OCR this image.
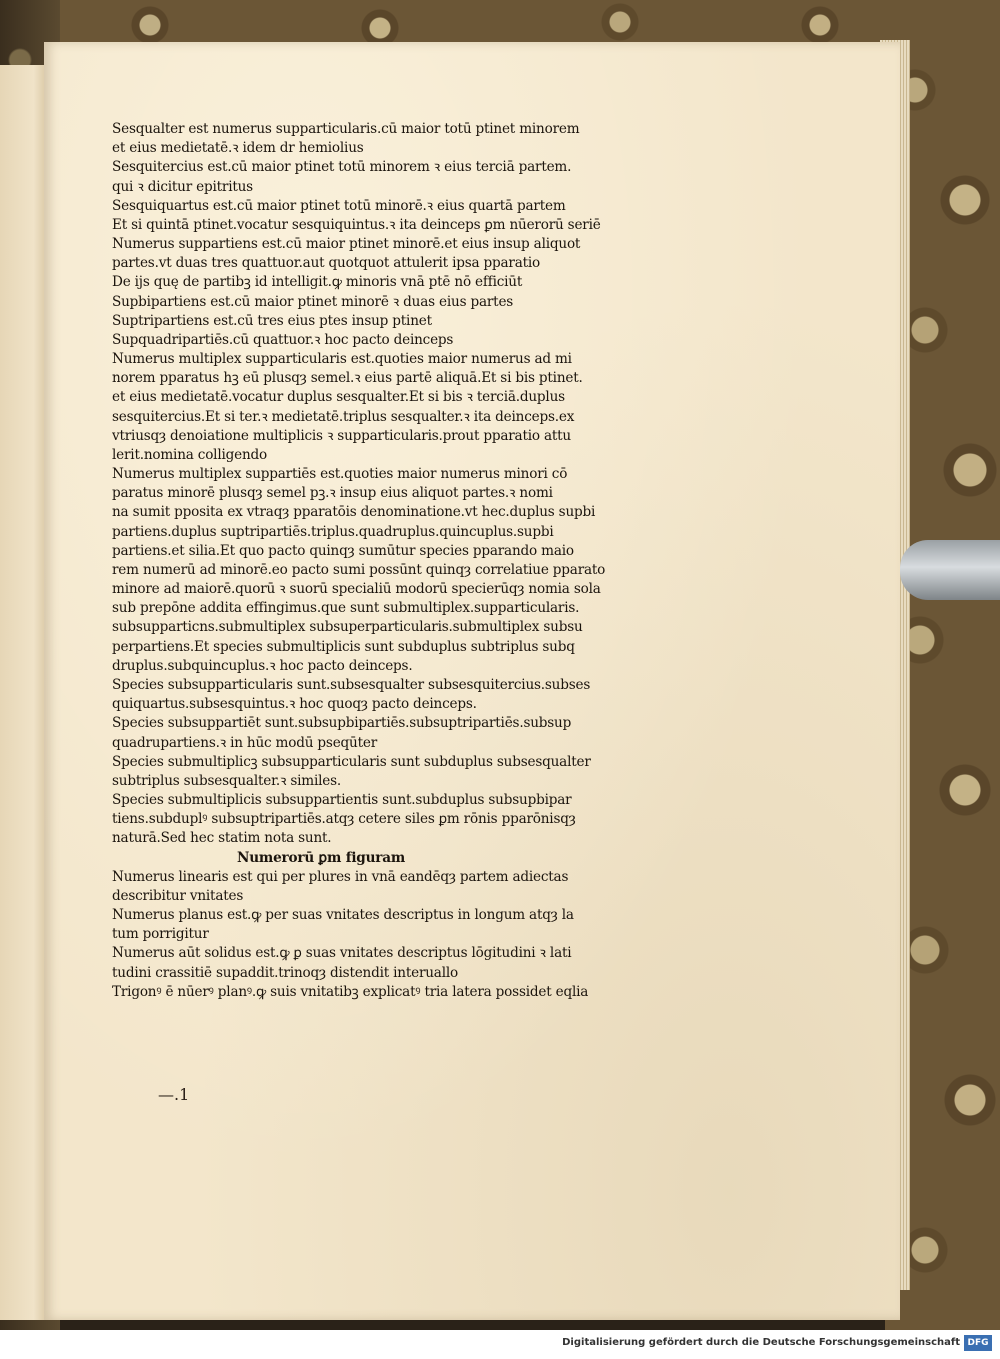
Sesqualter est numerus supparticularis.cū maior totū ptinet minorem
et eius medietatē.ꝛ idem dr hemiolius
Sesquitercius est.cū maior ptinet totū minorem ꝛ eius terciā partem.
qui ꝛ dicitur epitritus
Sesquiquartus est.cū maior ptinet totū minorē.ꝛ eius quartā partem
Et si quintā ptinet.vocatur sesquiquintus.ꝛ ita deinceps ꝑm nūerorū seriē
Numerus suppartiens est.cū maior ptinet minorē.et eius insup aliquot
partes.vt duas tres quattuor.aut quotquot attulerit ipsa pparatio
De ijs quę de partibꝫ id intelligit.ꝙ minoris vnā ptē nō efficiūt
Supbipartiens est.cū maior ptinet minorē ꝛ duas eius partes
Suptripartiens est.cū tres eius ptes insup ptinet
Supquadripartiēs.cū quattuor.ꝛ hoc pacto deinceps
Numerus multiplex supparticularis est.quoties maior numerus ad mi
norem pparatus hꝫ eū plusqȝ semel.ꝛ eius partē aliquā.Et si bis ptinet.
et eius medietatē.vocatur duplus sesqualter.Et si bis ꝛ terciā.duplus
sesquitercius.Et si ter.ꝛ medietatē.triplus sesqualter.ꝛ ita deinceps.ex
vtriusqȝ denoiatione multiplicis ꝛ supparticularis.prout pparatio attu
lerit.nomina colligendo
Numerus multiplex suppartiēs est.quoties maior numerus minori cō
paratus minorē plusqȝ semel pꝫ.ꝛ insup eius aliquot partes.ꝛ nomi
na sumit pposita ex vtraqȝ pparatōis denominatione.vt hec.duplus supbi
partiens.duplus suptripartiēs.triplus.quadruplus.quincuplus.supbi
partiens.et silia.Et quo pacto quinqȝ sumūtur species pparando maio
rem numerū ad minorē.eo pacto sumi possūnt quinqȝ correlatiue pparato
minore ad maiorē.quorū ꝛ suorū specialiū modorū specierūqȝ nomia sola
sub prepōne addita effingimus.que sunt submultiplex.supparticularis.
subsupparticns.submultiplex subsuperparticularis.submultiplex subsu
perpartiens.Et species submultiplicis sunt subduplus subtriplus subq
druplus.subquincuplus.ꝛ hoc pacto deinceps.
Species subsupparticularis sunt.subsesqualter subsesquitercius.subses
quiquartus.subsesquintus.ꝛ hoc quoqȝ pacto deinceps.
Species subsuppartiēt sunt.subsupbipartiēs.subsuptripartiēs.subsup
quadrupartiens.ꝛ in hūc modū pseqūter
Species submultiplicꝫ subsupparticularis sunt subduplus subsesqualter
subtriplus subsesqualter.ꝛ similes.
Species submultiplicis subsuppartientis sunt.subduplus subsupbipar
tiens.subduplꝰ subsuptripartiēs.atqȝ cetere siles ꝑm rōnis pparōnisqȝ
naturā.Sed hec statim nota sunt.
Numerorū ꝑm figuram
Numerus linearis est qui per plures in vnā eandēqȝ partem adiectas
describitur vnitates
Numerus planus est.ꝙ per suas vnitates descriptus in longum atqȝ la
tum porrigitur
Numerus aūt solidus est.ꝙ ꝑ suas vnitates descriptus lōgitudini ꝛ lati
tudini crassitiē supaddit.trinoqȝ distendit interuallo
Trigonꝰ ē nūerꝰ planꝰ.ꝙ suis vnitatibꝫ explicatꝰ tria latera possidet eqlia
—.1
Digitalisierung gefördert durch die Deutsche Forschungsgemeinschaft DFG
